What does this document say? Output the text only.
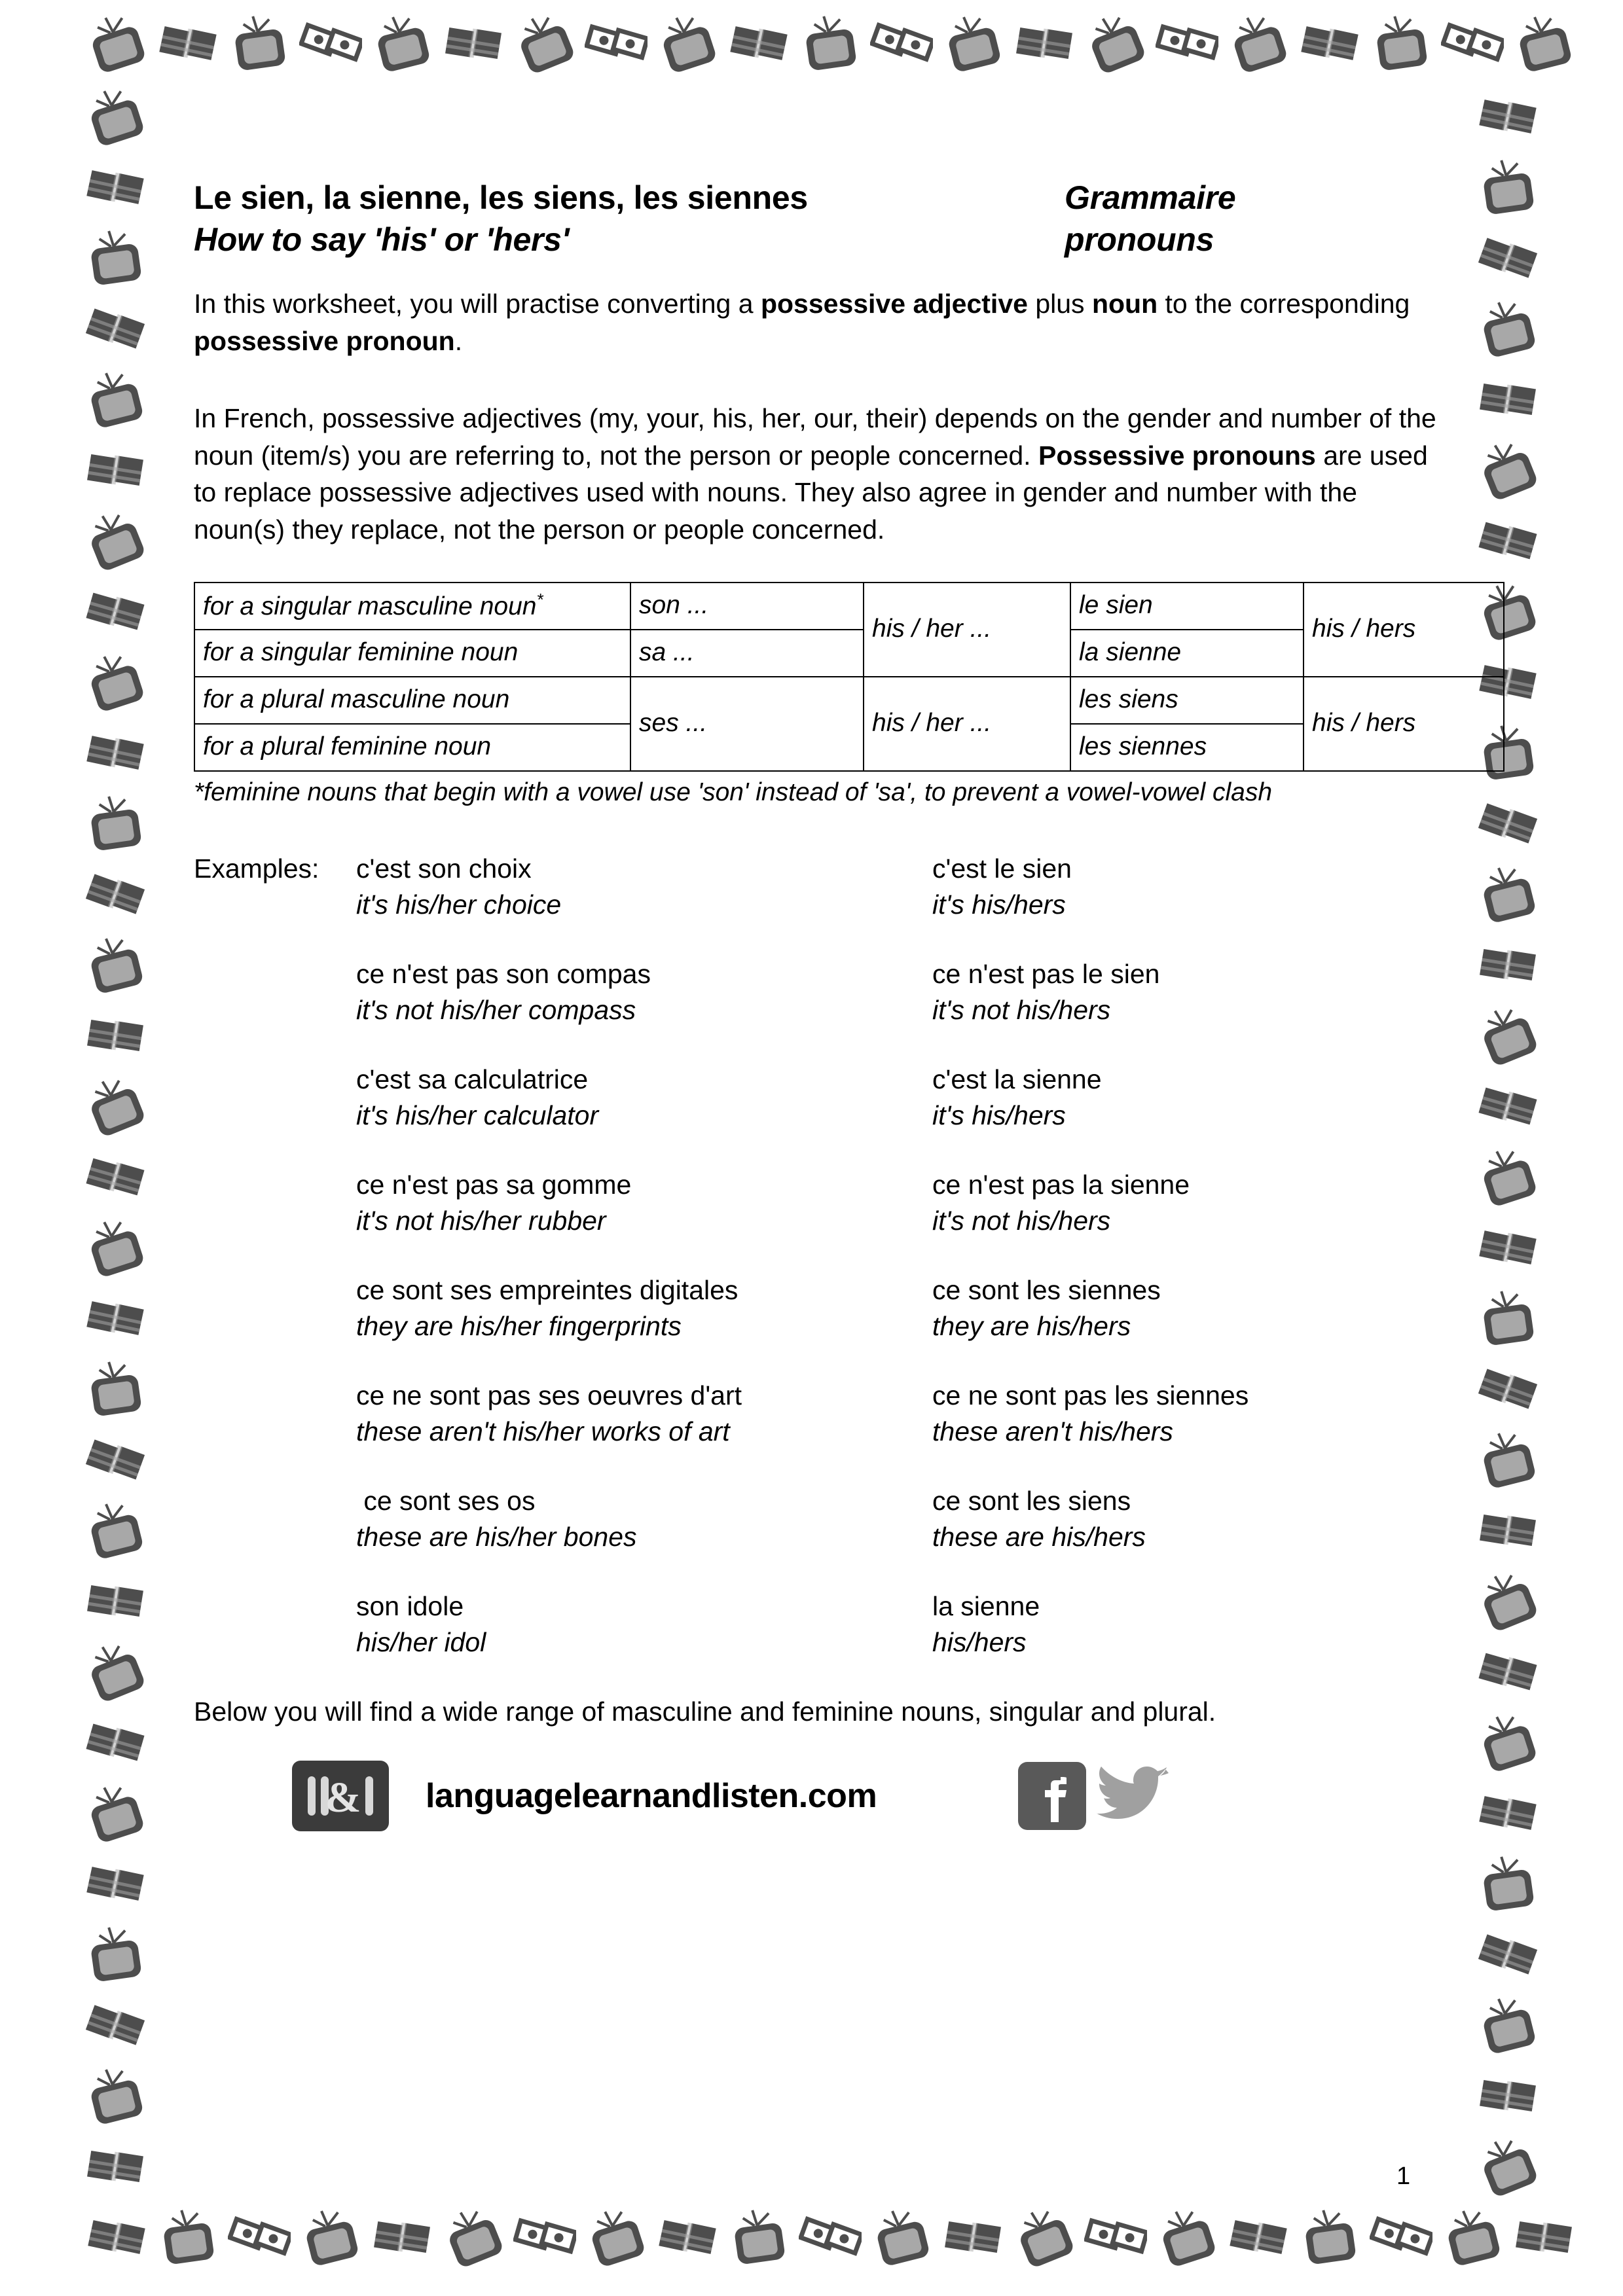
Le sien, la sienne, les siens, les siennes
How to say 'his' or 'hers'
Grammaire
pronouns
In this worksheet, you will practise converting a possessive adjective plus noun to the corresponding possessive pronoun.
In French, possessive adjectives (my, your, his, her, our, their) depends on the gender and number of the noun (item/s) you are referring to, not the person or people concerned. Possessive pronouns are used to replace possessive adjectives used with nouns. They also agree in gender and number with the noun(s) they replace, not the person or people concerned.
for a singular masculine noun*	son ...	his / her ...	le sien	his / hers
for a singular feminine noun	sa ...		la sienne	
for a plural masculine noun	ses ...	his / her ...	les siens	his / hers
for a plural feminine noun			les siennes	
*feminine nouns that begin with a vowel use 'son' instead of 'sa', to prevent a vowel-vowel clash
Examples:	c'est son choix
it's his/her choice
c'est le sien
it's his/hers
ce n'est pas son compas
it's not his/her compass
ce n'est pas le sien
it's not his/hers
c'est sa calculatrice
it's his/her calculator
c'est la sienne
it's his/hers
ce n'est pas sa gomme
it's not his/her rubber
ce n'est pas la sienne
it's not his/hers
ce sont ses empreintes digitales
they are his/her fingerprints
ce sont les siennes
they are his/hers
ce ne sont pas ses oeuvres d'art
these aren't his/her works of art
ce ne sont pas les siennes
these aren't his/hers
ce sont ses os
these are his/her bones
ce sont les siens
these are his/hers
son idole
his/her idol
la sienne
his/hers
Below you will find a wide range of masculine and feminine nouns, singular and plural.
& languagelearnandlisten.com
1
